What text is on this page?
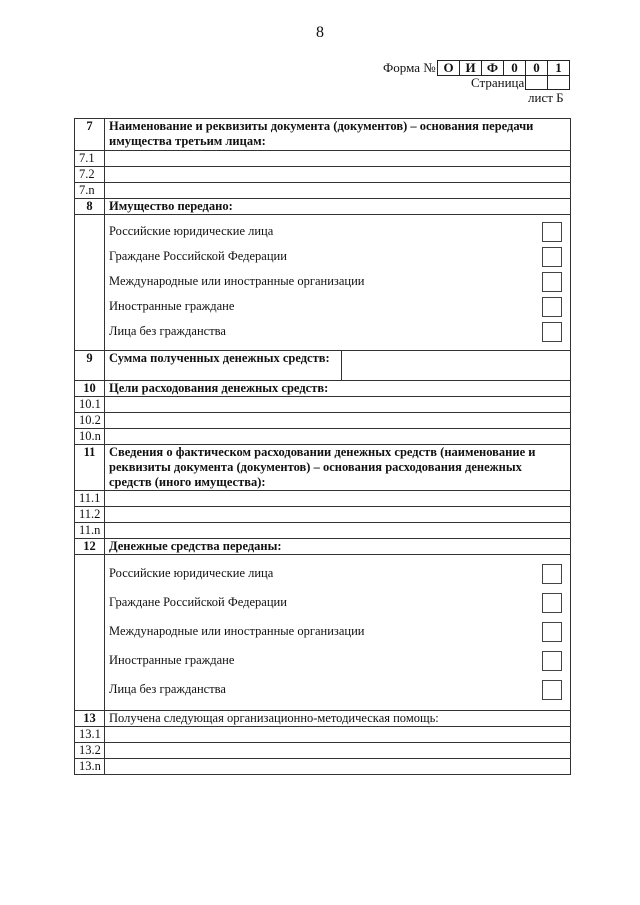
8
Форма № О И Ф	0	0	1
Страница
лист Б
7	Наименование и реквизиты документа (документов) – основания передачи имущества третьим лицам:	
7.1		
7.2		
7.n		
8	Имущество передано:	

	Российские юридические лица
Граждане Российской Федерации
Международные или иностранные организации
Иностранные граждане
Лица без гражданства	

9	Сумма полученных денежных средств:	
10	Цели расходования денежных средств:	
10.1		
10.2		
10.n		
11	Сведения о фактическом расходовании денежных средств (наименование и реквизиты документа (документов) – основания расходования денежных средств (иного имущества):	
11.1		
11.2		
11.n		
12	Денежные средства переданы:	

	Российские юридические лица
Граждане Российской Федерации
Международные или иностранные организации
Иностранные граждане
Лица без гражданства	

13	Получена следующая организационно-методическая помощь:	
13.1		
13.2		
13.n		
